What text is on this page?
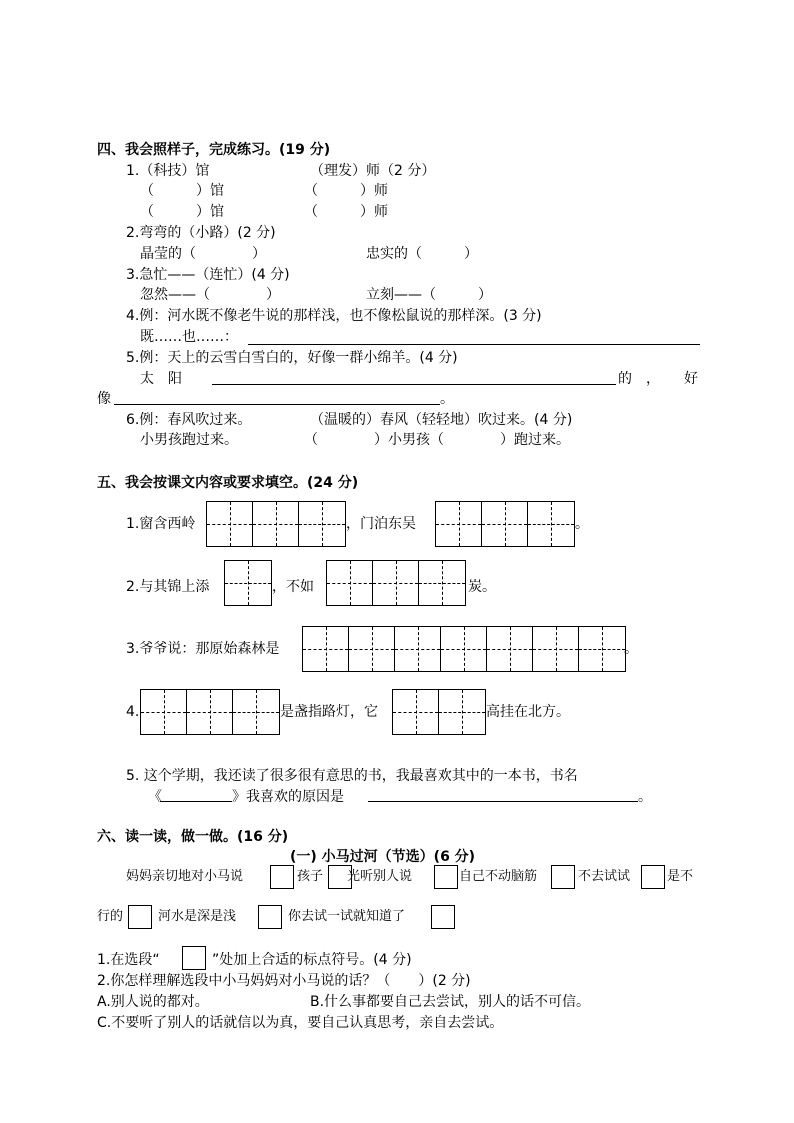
四、我会照样子，完成练习。(19 分)
1.（科技）馆	（理发）师（2 分）
（　　　）馆	（　　　）师
（　　　）馆	（　　　）师
2.弯弯的（小路）(2 分)
晶莹的（　　　　）	忠实的（　　　）
3.急忙——（连忙）(4 分)
忽然——（　　　　）	立刻——（　　　）
4.例：河水既不像老牛说的那样浅，也不像松鼠说的那样深。(3 分)
既……也……：
5.例：天上的云雪白雪白的，好像一群小绵羊。(4 分)
太　阳	的　， 好
像	。
6.例：春风吹过来。	（温暖的）春风（轻轻地）吹过来。(4 分)
小男孩跑过来。	（　　　　）小男孩（　　　　）跑过来。
五、我会按课文内容或要求填空。(24 分)
1.窗含西岭	，门泊东吴	。
2.与其锦上添	，不如	炭。
3.爷爷说：那原始森林是	。
4.	是盏指路灯，它	高挂在北方。
5. 这个学期，我还读了很多很有意思的书，我最喜欢其中的一本书，书名
《	》我喜欢的原因是	。
六、读一读，做一做。(16 分)
(一) 小马过河（节选）(6 分)
妈妈亲切地对小马说	孩子 光听别人说	自己不动脑筋	不去试试	是不
行的	河水是深是浅	你去试一试就知道了
1.在选段“	”处加上合适的标点符号。(4 分)
2.你怎样理解选段中小马妈妈对小马说的话？（　　）(2 分)
A.别人说的都对。	B.什么事都要自己去尝试，别人的话不可信。
C.不要听了别人的话就信以为真，要自己认真思考，亲自去尝试。
